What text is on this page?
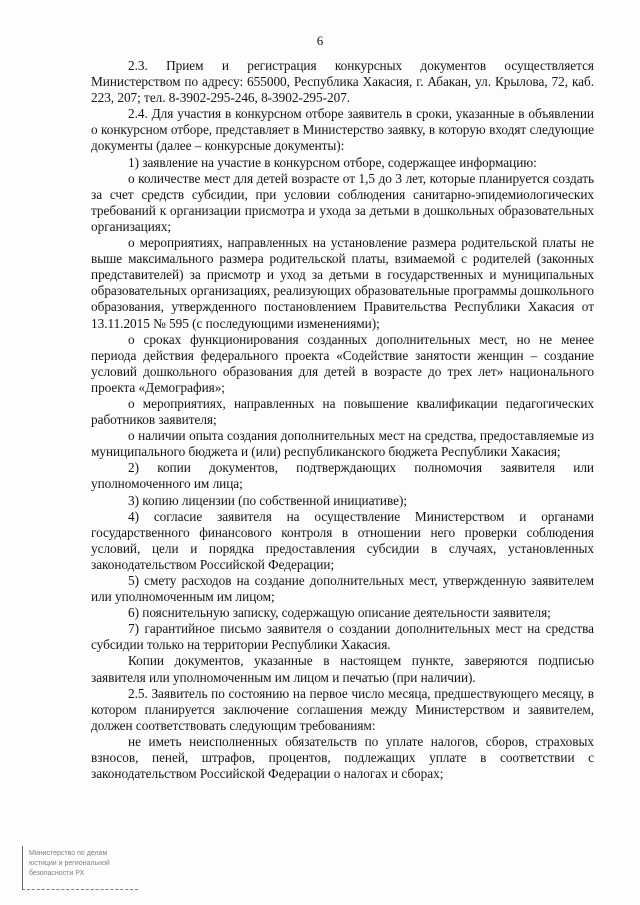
6

2.3. Прием и регистрация конкурсных документов осуществляется Министерством по адресу: 655000, Республика Хакасия, г. Абакан, ул. Крылова, 72, каб. 223, 207; тел. 8-3902-295-246, 8-3902-295-207.

2.4. Для участия в конкурсном отборе заявитель в сроки, указанные в объявлении о конкурсном отборе, представляет в Министерство заявку, в которую входят следующие документы (далее – конкурсные документы):

1) заявление на участие в конкурсном отборе, содержащее информацию:

о количестве мест для детей возрасте от 1,5 до 3 лет, которые планируется создать за счет средств субсидии, при условии соблюдения санитарно-эпидемиологических требований к организации присмотра и ухода за детьми в дошкольных образовательных организациях;

о мероприятиях, направленных на установление размера родительской платы не выше максимального размера родительской платы, взимаемой с родителей (законных представителей) за присмотр и уход за детьми в государственных и муниципальных образовательных организациях, реализующих образовательные программы дошкольного образования, утвержденного постановлением Правительства Республики Хакасия от 13.11.2015 № 595 (с последующими изменениями);

о сроках функционирования созданных дополнительных мест, но не менее периода действия федерального проекта «Содействие занятости женщин – создание условий дошкольного образования для детей в возрасте до трех лет» национального проекта «Демография»;

о мероприятиях, направленных на повышение квалификации педагогических работников заявителя;

о наличии опыта создания дополнительных мест на средства, предоставляемые из муниципального бюджета и (или) республиканского бюджета Республики Хакасия;

2) копии документов, подтверждающих полномочия заявителя или уполномоченного им лица;

3) копию лицензии (по собственной инициативе);

4) согласие заявителя на осуществление Министерством и органами государственного финансового контроля в отношении него проверки соблюдения условий, цели и порядка предоставления субсидии в случаях, установленных законодательством Российской Федерации;

5) смету расходов на создание дополнительных мест, утвержденную заявителем или уполномоченным им лицом;

6) пояснительную записку, содержащую описание деятельности заявителя;

7) гарантийное письмо заявителя о создании дополнительных мест на средства субсидии только на территории Республики Хакасия.

Копии документов, указанные в настоящем пункте, заверяются подписью заявителя или уполномоченным им лицом и печатью (при наличии).

2.5. Заявитель по состоянию на первое число месяца, предшествующего месяцу, в котором планируется заключение соглашения между Министерством и заявителем, должен соответствовать следующим требованиям:

не иметь неисполненных обязательств по уплате налогов, сборов, страховых взносов, пеней, штрафов, процентов, подлежащих уплате в соответствии с законодательством Российской Федерации о налогах и сборах;

Министерство по делам
юстиции и региональной
безопасности РХ
